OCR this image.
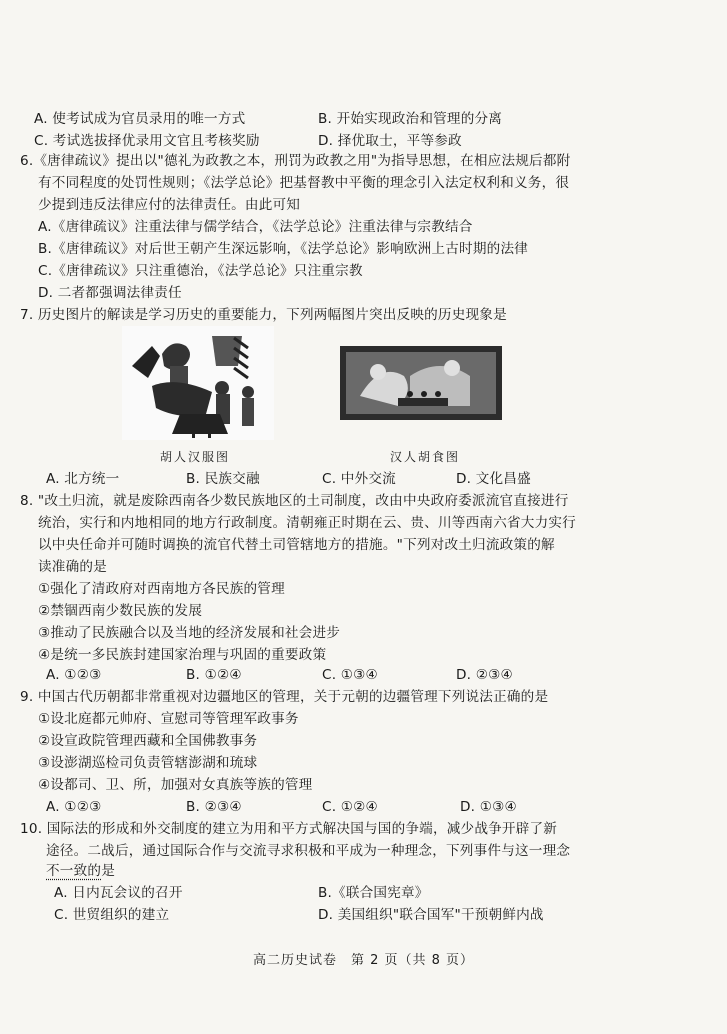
A. 使考试成为官员录用的唯一方式	B. 开始实现政治和管理的分离
C. 考试选拔择优录用文官且考核奖励	D. 择优取士，平等参政
6.《唐律疏议》提出以"德礼为政教之本，刑罚为政教之用"为指导思想，在相应法规后都附
有不同程度的处罚性规则；《法学总论》把基督教中平衡的理念引入法定权利和义务，很
少提到违反法律应付的法律责任。由此可知
A.《唐律疏议》注重法律与儒学结合，《法学总论》注重法律与宗教结合
B.《唐律疏议》对后世王朝产生深远影响，《法学总论》影响欧洲上古时期的法律
C.《唐律疏议》只注重德治，《法学总论》只注重宗教
D. 二者都强调法律责任
7. 历史图片的解读是学习历史的重要能力，下列两幅图片突出反映的历史现象是
胡人汉服图	汉人胡食图
A. 北方统一	B. 民族交融	C. 中外交流	D. 文化昌盛
8. "改土归流，就是废除西南各少数民族地区的土司制度，改由中央政府委派流官直接进行
统治，实行和内地相同的地方行政制度。清朝雍正时期在云、贵、川等西南六省大力实行
以中央任命并可随时调换的流官代替土司管辖地方的措施。"下列对改土归流政策的解
读准确的是
①强化了清政府对西南地方各民族的管理
②禁锢西南少数民族的发展
③推动了民族融合以及当地的经济发展和社会进步
④是统一多民族封建国家治理与巩固的重要政策
A. ①②③	B. ①②④	C. ①③④	D. ②③④
9. 中国古代历朝都非常重视对边疆地区的管理，关于元朝的边疆管理下列说法正确的是
①设北庭都元帅府、宣慰司等管理军政事务
②设宣政院管理西藏和全国佛教事务
③设澎湖巡检司负责管辖澎湖和琉球
④设都司、卫、所，加强对女真族等族的管理
A. ①②③	B. ②③④	C. ①②④	D. ①③④
10. 国际法的形成和外交制度的建立为用和平方式解决国与国的争端，减少战争开辟了新
途径。二战后，通过国际合作与交流寻求积极和平成为一种理念，下列事件与这一理念
不一致的是
A. 日内瓦会议的召开	B.《联合国宪章》
C. 世贸组织的建立	D. 美国组织"联合国军"干预朝鲜内战
高二历史试卷　第 2 页（共 8 页）
